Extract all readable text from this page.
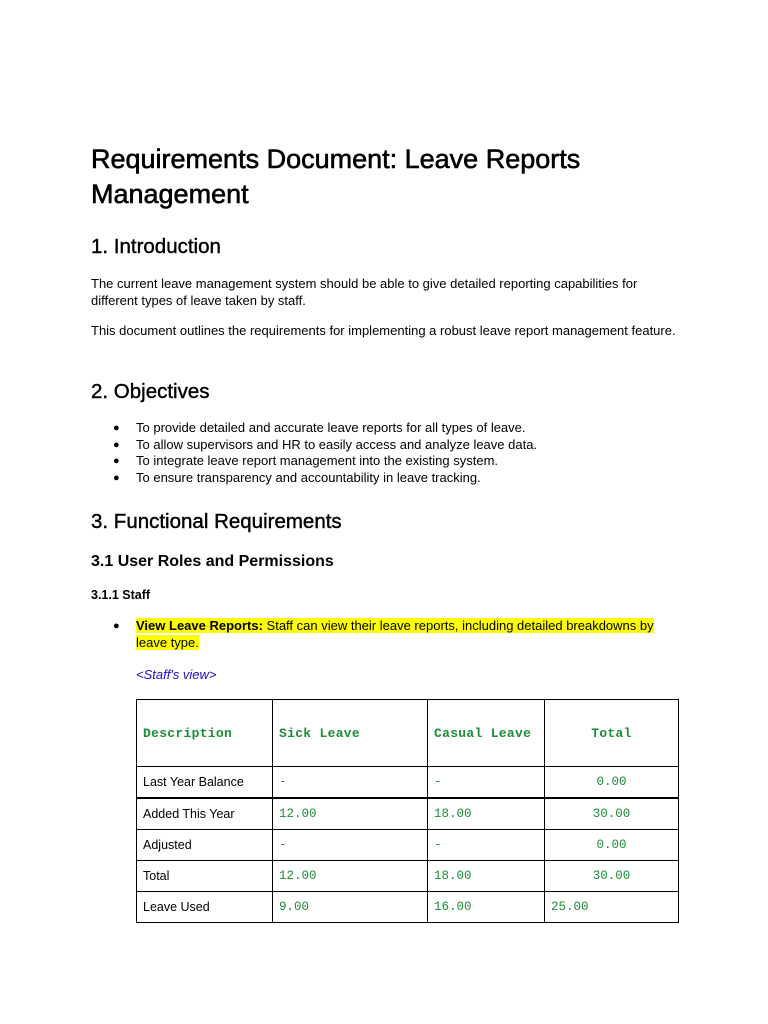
Requirements Document: Leave Reports Management
1. Introduction

The current leave management system should be able to give detailed reporting capabilities for different types of leave taken by staff.

This document outlines the requirements for implementing a robust leave report management feature.

2. Objectives
● To provide detailed and accurate leave reports for all types of leave.
● To allow supervisors and HR to easily access and analyze leave data.
● To integrate leave report management into the existing system.
● To ensure transparency and accountability in leave tracking.
3. Functional Requirements
3.1 User Roles and Permissions
3.1.1 Staff
●	View Leave Reports: Staff can view their leave reports, including detailed breakdowns by leave type.
<Staff's view>
Description	Sick Leave	Casual Leave	Total
Last Year Balance	-	-	0.00
Added This Year	12.00	18.00	30.00
Adjusted	-	-	0.00
Total	12.00	18.00	30.00
Leave Used	9.00	16.00	25.00
